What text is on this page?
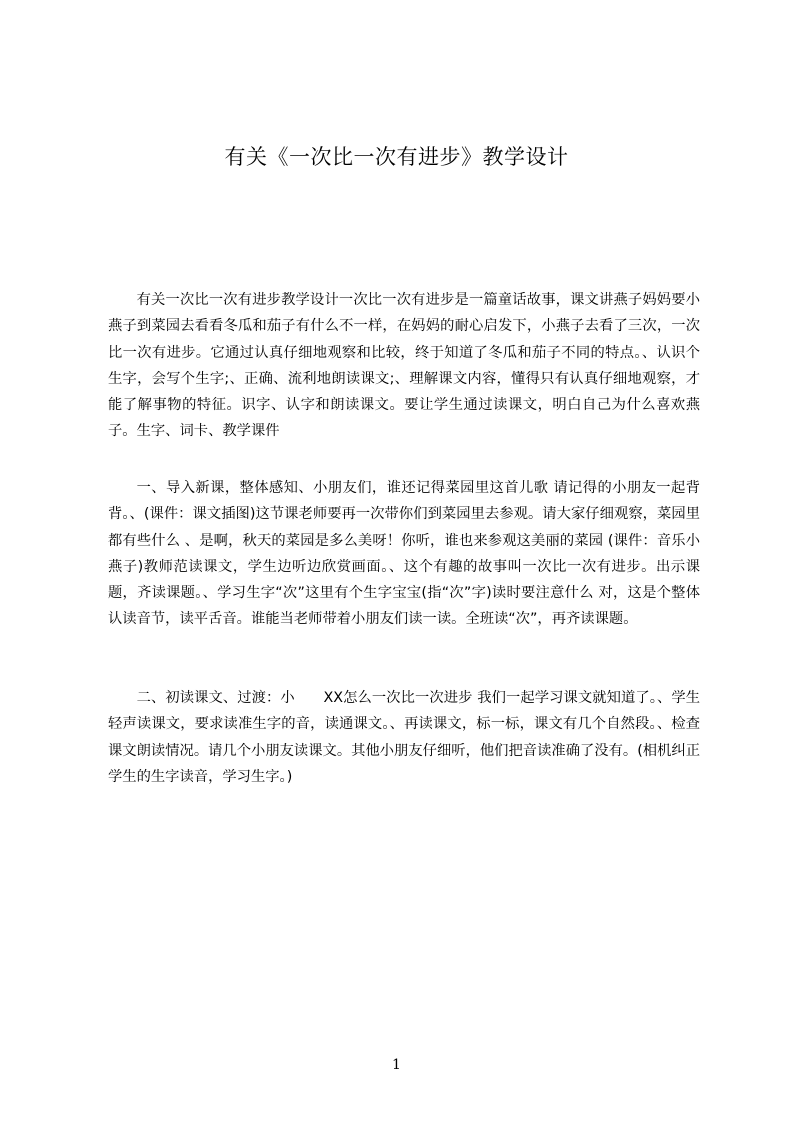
有关《一次比一次有进步》教学设计

有关一次比一次有进步教学设计一次比一次有进步是一篇童话故事，课文讲燕子妈妈要小燕子到菜园去看看冬瓜和茄子有什么不一样，在妈妈的耐心启发下，小燕子去看了三次，一次比一次有进步。它通过认真仔细地观察和比较，终于知道了冬瓜和茄子不同的特点。、认识个生字，会写个生字;、正确、流利地朗读课文;、理解课文内容，懂得只有认真仔细地观察，才能了解事物的特征。识字、认字和朗读课文。要让学生通过读课文，明白自己为什么喜欢燕子。生字、词卡、教学课件

一、导入新课，整体感知、小朋友们，谁还记得菜园里这首儿歌 请记得的小朋友一起背背。、(课件：课文插图)这节课老师要再一次带你们到菜园里去参观。请大家仔细观察，菜园里都有些什么 、是啊，秋天的菜园是多么美呀！你听，谁也来参观这美丽的菜园 (课件：音乐小燕子)教师范读课文，学生边听边欣赏画面。、这个有趣的故事叫一次比一次有进步。出示课题，齐读课题。、学习生字“次”这里有个生字宝宝(指“次”字)读时要注意什么 对，这是个整体认读音节，读平舌音。谁能当老师带着小朋友们读一读。全班读“次”，再齐读课题。

二、初读课文、过渡：小　　XX怎么一次比一次进步 我们一起学习课文就知道了。、学生轻声读课文，要求读准生字的音，读通课文。、再读课文，标一标，课文有几个自然段。、检查课文朗读情况。请几个小朋友读课文。其他小朋友仔细听，他们把音读准确了没有。(相机纠正学生的生字读音，学习生字。)

1
